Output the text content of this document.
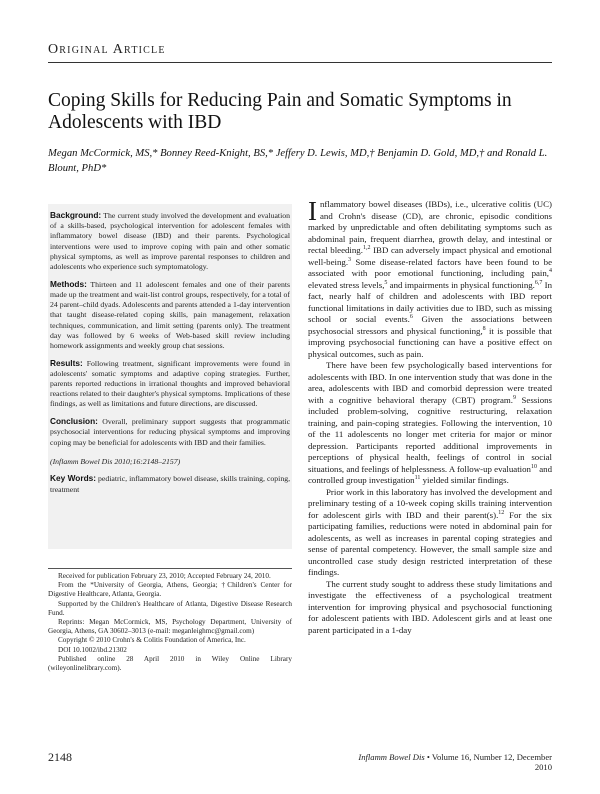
Original Article
Coping Skills for Reducing Pain and Somatic Symptoms in Adolescents with IBD
Megan McCormick, MS,* Bonney Reed-Knight, BS,* Jeffery D. Lewis, MD,† Benjamin D. Gold, MD,† and Ronald L. Blount, PhD*

Background: The current study involved the development and evaluation of a skills-based, psychological intervention for adolescent females with inflammatory bowel disease (IBD) and their parents. Psychological interventions were used to improve coping with pain and other somatic physical symptoms, as well as improve parental responses to children and adolescents who experience such symptomatology.

Methods: Thirteen and 11 adolescent females and one of their parents made up the treatment and wait-list control groups, respectively, for a total of 24 parent–child dyads. Adolescents and parents attended a 1-day intervention that taught disease-related coping skills, pain management, relaxation techniques, communication, and limit setting (parents only). The treatment day was followed by 6 weeks of Web-based skill review including homework assignments and weekly group chat sessions.

Results: Following treatment, significant improvements were found in adolescents' somatic symptoms and adaptive coping strategies. Further, parents reported reductions in irrational thoughts and improved behavioral reactions related to their daughter's physical symptoms. Implications of these findings, as well as limitations and future directions, are discussed.

Conclusion: Overall, preliminary support suggests that programmatic psychosocial interventions for reducing physical symptoms and improving coping may be beneficial for adolescents with IBD and their families.

(Inflamm Bowel Dis 2010;16:2148–2157)

Key Words: pediatric, inflammatory bowel disease, skills training, coping, treatment

Received for publication February 23, 2010; Accepted February 24, 2010.

From the *University of Georgia, Athens, Georgia; †Children's Center for Digestive Healthcare, Atlanta, Georgia.

Supported by the Children's Healthcare of Atlanta, Digestive Disease Research Fund.

Reprints: Megan McCormick, MS, Psychology Department, University of Georgia, Athens, GA 30602–3013 (e-mail: meganleighmc@gmail.com)

Copyright © 2010 Crohn's & Colitis Foundation of America, Inc.

DOI 10.1002/ibd.21302

Published online 28 April 2010 in Wiley Online Library (wileyonlinelibrary.com).

Inflammatory bowel diseases (IBDs), i.e., ulcerative colitis (UC) and Crohn's disease (CD), are chronic, episodic conditions marked by unpredictable and often debilitating symptoms such as abdominal pain, frequent diarrhea, growth delay, and intestinal or rectal bleeding.$^{1,2}$ IBD can adversely impact physical and emotional well-being.$^3$ Some disease-related factors have been found to be associated with poor emotional functioning, including pain,$^4$ elevated stress levels,$^5$ and impairments in physical functioning.$^{6,7}$ In fact, nearly half of children and adolescents with IBD report functional limitations in daily activities due to IBD, such as missing school or social events.$^6$ Given the associations between psychosocial stressors and physical functioning,$^8$ it is possible that improving psychosocial functioning can have a positive effect on physical outcomes, such as pain.

There have been few psychologically based interventions for adolescents with IBD. In one intervention study that was done in the area, adolescents with IBD and comorbid depression were treated with a cognitive behavioral therapy (CBT) program.$^9$ Sessions included problem-solving, cognitive restructuring, relaxation training, and pain-coping strategies. Following the intervention, 10 of the 11 adolescents no longer met criteria for major or minor depression. Participants reported additional improvements in perceptions of physical health, feelings of control in social situations, and feelings of helplessness. A follow-up evaluation$^{10}$ and controlled group investigation$^{11}$ yielded similar findings.

Prior work in this laboratory has involved the development and preliminary testing of a 10-week coping skills training intervention for adolescent girls with IBD and their parent(s).$^{12}$ For the six participating families, reductions were noted in abdominal pain for adolescents, as well as increases in parental coping strategies and sense of parental competency. However, the small sample size and uncontrolled case study design restricted interpretation of these findings.

The current study sought to address these study limitations and investigate the effectiveness of a psychological treatment intervention for improving physical and psychosocial functioning for adolescent patients with IBD. Adolescent girls and at least one parent participated in a 1-day

2148	Inflamm Bowel Dis • Volume 16, Number 12, December 2010
